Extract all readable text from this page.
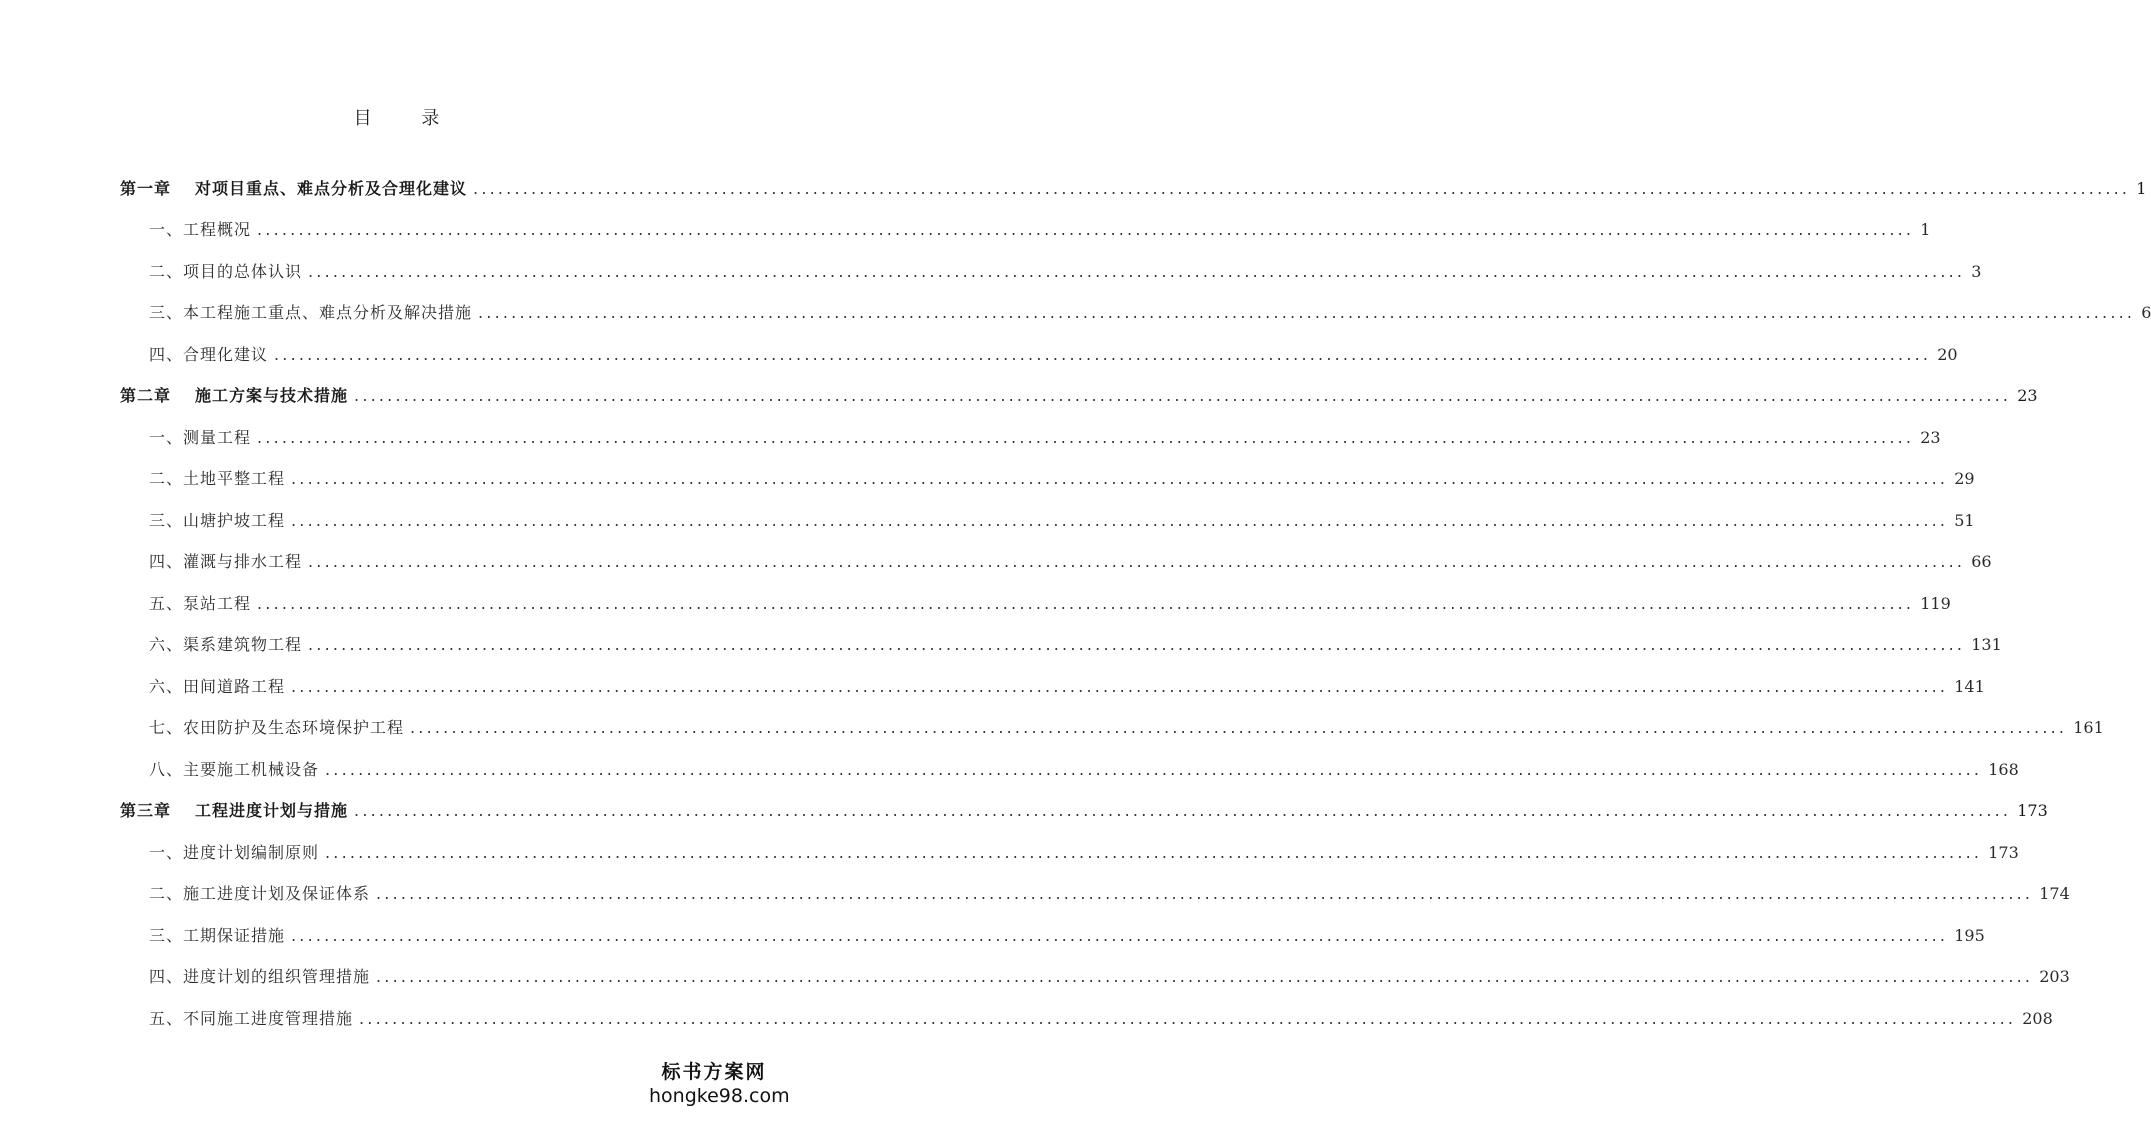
目 录
第一章 对项目重点、难点分析及合理化建议 ........................................................................................................................................................................................................ 1
一、工程概况 ........................................................................................................................................................................................................ 1
二、项目的总体认识 ........................................................................................................................................................................................................ 3
三、本工程施工重点、难点分析及解决措施 ........................................................................................................................................................................................................ 6
四、合理化建议 ........................................................................................................................................................................................................ 20
第二章 施工方案与技术措施 ........................................................................................................................................................................................................ 23
一、测量工程 ........................................................................................................................................................................................................ 23
二、土地平整工程 ........................................................................................................................................................................................................ 29
三、山塘护坡工程 ........................................................................................................................................................................................................ 51
四、灌溉与排水工程 ........................................................................................................................................................................................................ 66
五、泵站工程 ........................................................................................................................................................................................................ 119
六、渠系建筑物工程 ........................................................................................................................................................................................................ 131
六、田间道路工程 ........................................................................................................................................................................................................ 141
七、农田防护及生态环境保护工程 ........................................................................................................................................................................................................ 161
八、主要施工机械设备 ........................................................................................................................................................................................................ 168
第三章 工程进度计划与措施 ........................................................................................................................................................................................................ 173
一、进度计划编制原则 ........................................................................................................................................................................................................ 173
二、施工进度计划及保证体系 ........................................................................................................................................................................................................ 174
三、工期保证措施 ........................................................................................................................................................................................................ 195
四、进度计划的组织管理措施 ........................................................................................................................................................................................................ 203
五、不同施工进度管理措施 ........................................................................................................................................................................................................ 208
标书方案网
hongke98.com
